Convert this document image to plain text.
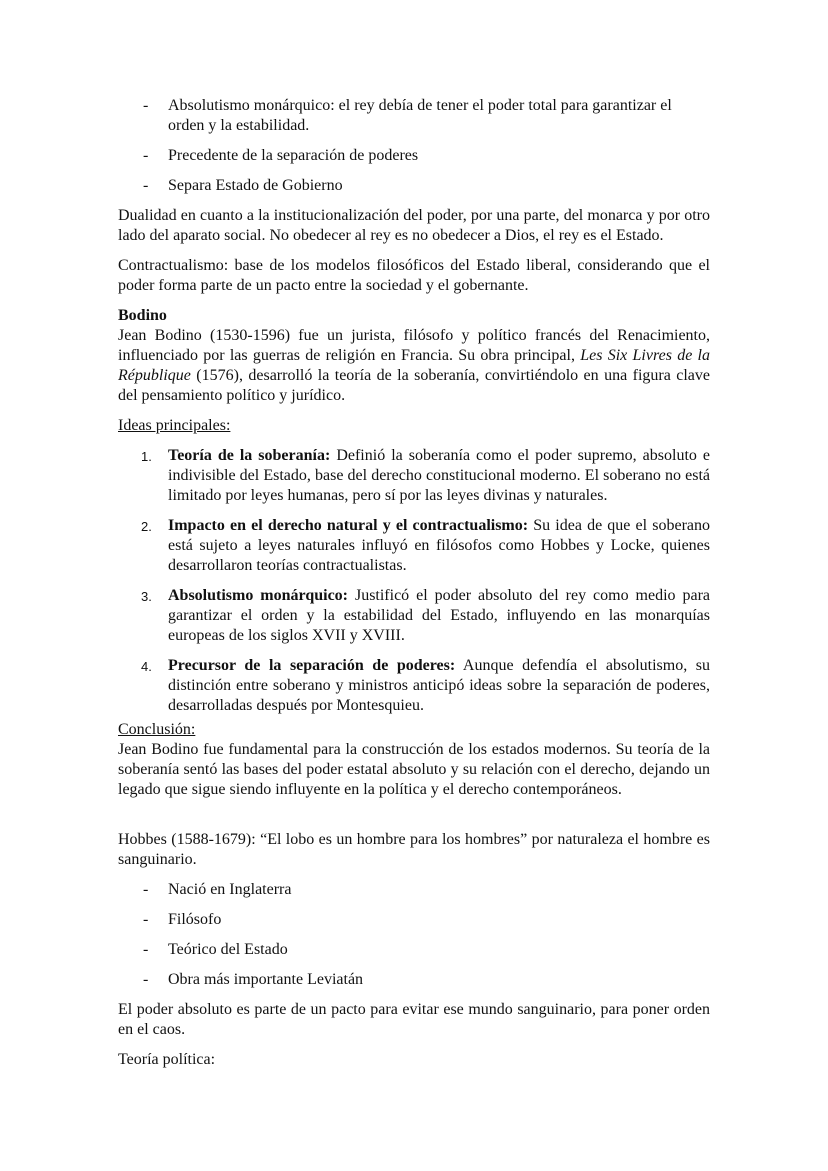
- Absolutismo monárquico: el rey debía de tener el poder total para garantizar el orden y la estabilidad.
- Precedente de la separación de poderes
- Separa Estado de Gobierno

Dualidad en cuanto a la institucionalización del poder, por una parte, del monarca y por otro lado del aparato social. No obedecer al rey es no obedecer a Dios, el rey es el Estado.

Contractualismo: base de los modelos filosóficos del Estado liberal, considerando que el poder forma parte de un pacto entre la sociedad y el gobernante.

Bodino

Jean Bodino (1530-1596) fue un jurista, filósofo y político francés del Renacimiento, influenciado por las guerras de religión en Francia. Su obra principal, Les Six Livres de la République (1576), desarrolló la teoría de la soberanía, convirtiéndolo en una figura clave del pensamiento político y jurídico.

Ideas principales:

1. Teoría de la soberanía: Definió la soberanía como el poder supremo, absoluto e indivisible del Estado, base del derecho constitucional moderno. El soberano no está limitado por leyes humanas, pero sí por las leyes divinas y naturales.
2. Impacto en el derecho natural y el contractualismo: Su idea de que el soberano está sujeto a leyes naturales influyó en filósofos como Hobbes y Locke, quienes desarrollaron teorías contractualistas.
3. Absolutismo monárquico: Justificó el poder absoluto del rey como medio para garantizar el orden y la estabilidad del Estado, influyendo en las monarquías europeas de los siglos XVII y XVIII.
4. Precursor de la separación de poderes: Aunque defendía el absolutismo, su distinción entre soberano y ministros anticipó ideas sobre la separación de poderes, desarrolladas después por Montesquieu.

Conclusión:

Jean Bodino fue fundamental para la construcción de los estados modernos. Su teoría de la soberanía sentó las bases del poder estatal absoluto y su relación con el derecho, dejando un legado que sigue siendo influyente en la política y el derecho contemporáneos.

Hobbes (1588-1679): “El lobo es un hombre para los hombres” por naturaleza el hombre es sanguinario.

- Nació en Inglaterra
- Filósofo
- Teórico del Estado
- Obra más importante Leviatán

El poder absoluto es parte de un pacto para evitar ese mundo sanguinario, para poner orden en el caos.

Teoría política:
